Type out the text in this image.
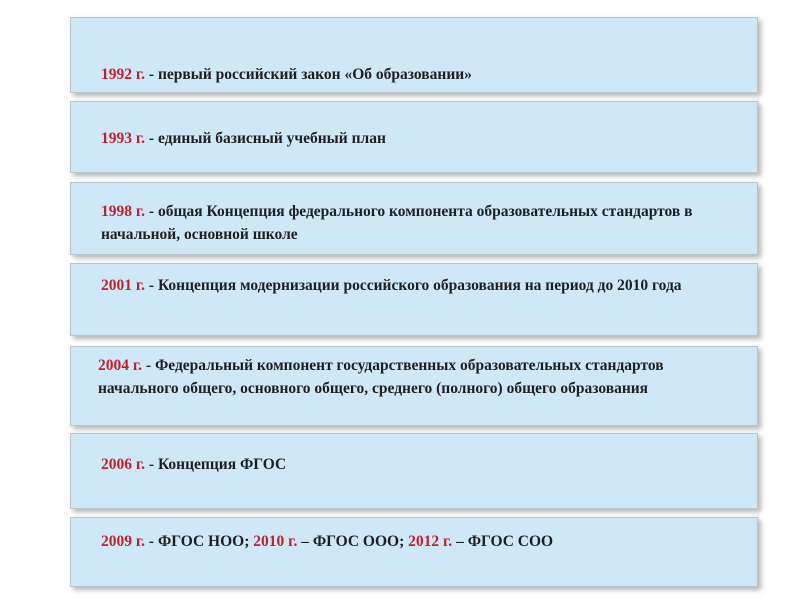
1992 г. - первый российский закон «Об образовании»
1993 г. - единый базисный учебный план
1998 г. - общая Концепция федерального компонента образовательных стандартов в начальной, основной школе
2001 г. - Концепция модернизации российского образования на период до 2010 года
2004 г. - Федеральный компонент государственных образовательных стандартов начального общего, основного общего, среднего (полного) общего образования
2006 г. - Концепция ФГОС
2009 г. - ФГОС НОО; 2010 г. – ФГОС ООО; 2012 г. – ФГОС СОО
